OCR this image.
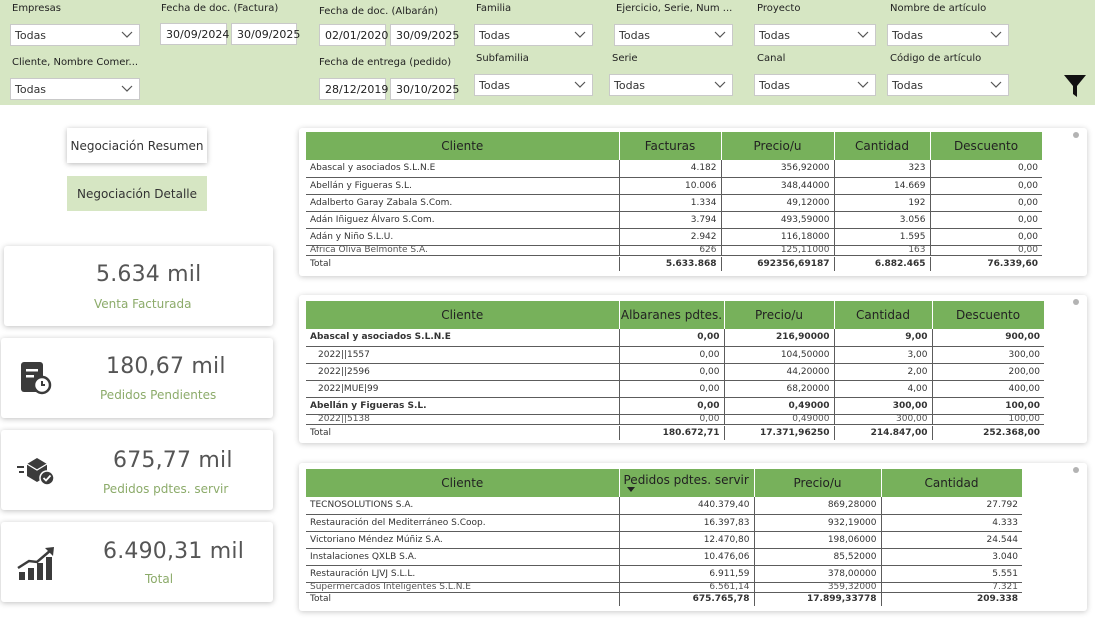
Empresas
Todas
Cliente, Nombre Comer...
Todas
Fecha de doc. (Factura)
30/09/2024 30/09/2025
Fecha de doc. (Albarán)
02/01/2020 30/09/2025
Fecha de entrega (pedido)
28/12/2019 30/10/2025
Familia
Todas
Subfamilia
Todas
Ejercicio, Serie, Num ...
Todas
Serie
Todas
Proyecto
Todas
Canal
Todas
Nombre de artículo
Todas
Código de artículo
Todas
Negociación Resumen
Negociación Detalle
5.634 mil
Venta Facturada
180,67 mil
Pedidos Pendientes
675,77 mil
Pedidos pdtes. servir
6.490,31 mil
Total
Cliente	Facturas	Precio/u	Cantidad	Descuento
Abascal y asociados S.L.N.E	4.182	356,92000	323	0,00
Abellán y Figueras S.L.	10.006	348,44000	14.669	0,00
Adalberto Garay Zabala S.Com.	1.334	49,12000	192	0,00
Adán Iñiguez Álvaro S.Com.	3.794	493,59000	3.056	0,00
Adán y Niño S.L.U.	2.942	116,18000	1.595	0,00
África Oliva Belmonte S.A.	626	125,11000	163	0,00
Total	5.633.868	692356,69187	6.882.465	76.339,60
Cliente	Albaranes pdtes.	Precio/u	Cantidad	Descuento
Abascal y asociados S.L.N.E	0,00	216,90000	9,00	900,00
2022||1557	0,00	104,50000	3,00	300,00
2022||2596	0,00	44,20000	2,00	200,00
2022|MUE|99	0,00	68,20000	4,00	400,00
Abellán y Figueras S.L.	0,00	0,49000	300,00	100,00
2022||5138	0,00	0,49000	300,00	100,00
Total	180.672,71	17.371,96250	214.847,00	252.368,00
Cliente	Pedidos pdtes. servir	Precio/u	Cantidad
TECNOSOLUTIONS S.A.	440.379,40	869,28000	27.792
Restauración del Mediterráneo S.Coop.	16.397,83	932,19000	4.333
Victoriano Méndez Múñiz S.A.	12.470,80	198,06000	24.544
Instalaciones QXLB S.A.	10.476,06	85,52000	3.040
Restauración LJVJ S.L.L.	6.911,59	378,00000	5.551
Supermercados Inteligentes S.L.N.E	6.561,14	359,32000	7.321
Total	675.765,78	17.899,33778	209.338
